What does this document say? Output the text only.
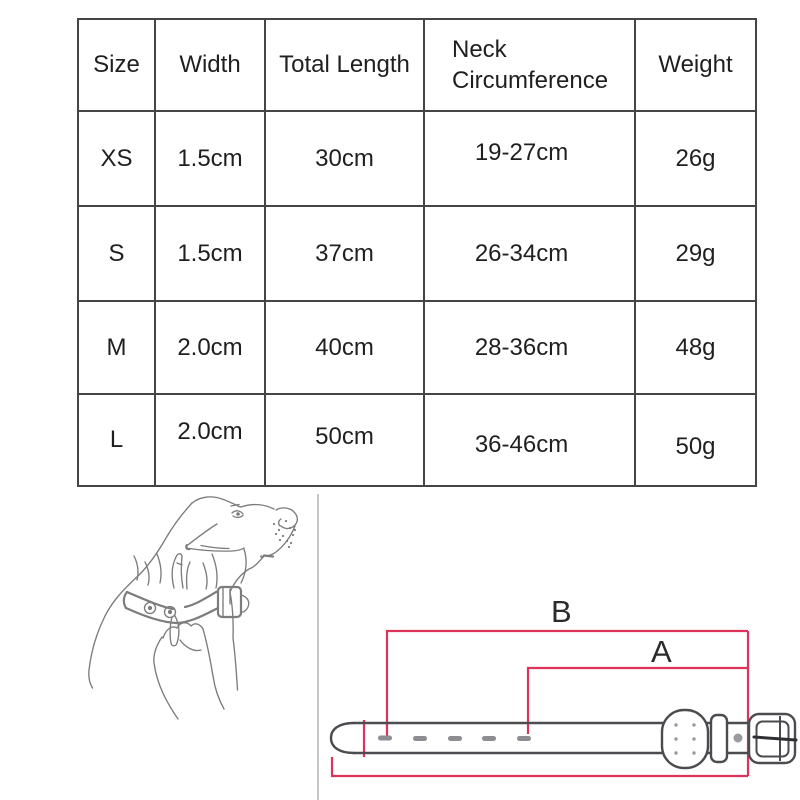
Size	Width	Total Length	Neck Circumference	Weight
XS	1.5cm	30cm	19-27cm	26g
S	1.5cm	37cm	26-34cm	29g
M	2.0cm	40cm	28-36cm	48g
L	2.0cm	50cm	36-46cm	50g
B
A
